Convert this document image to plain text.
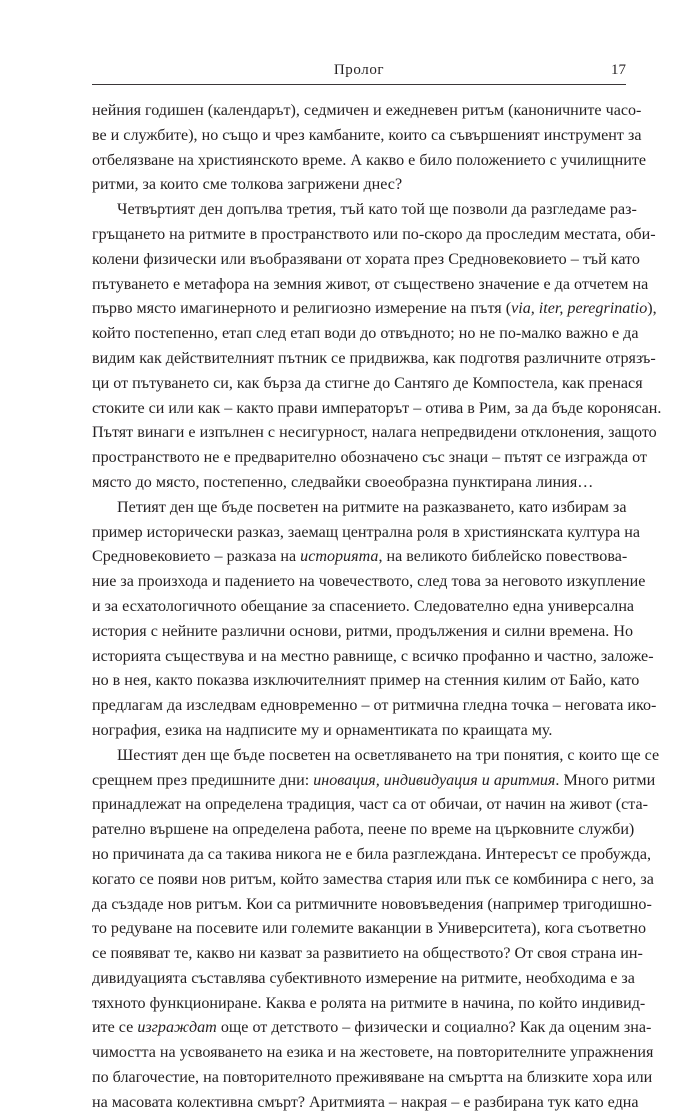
Пролог	17
нейния годишен (календарът), седмичен и ежедневен ритъм (каноничните часо-
ве и службите), но също и чрез камбаните, които са съвършеният инструмент за
отбелязване на християнското време. А какво е било положението с училищните
ритми, за които сме толкова загрижени днес?
Четвъртият ден допълва третия, тъй като той ще позволи да разгледаме раз-
гръщането на ритмите в пространството или по-скоро да проследим местата, оби-
колени физически или въобразявани от хората през Средновековието – тъй като
пътуването е метафора на земния живот, от съществено значение е да отчетем на
първо място имагинерното и религиозно измерение на пътя (via, iter, peregrinatio),
който постепенно, етап след етап води до отвъдното; но не по-малко важно е да
видим как действителният пътник се придвижва, как подготвя различните отрязъ-
ци от пътуването си, как бърза да стигне до Сантяго де Компостела, как пренася
стоките си или как – както прави императорът – отива в Рим, за да бъде коронясан.
Пътят винаги е изпълнен с несигурност, налага непредвидени отклонения, защото
пространството не е предварително обозначено със знаци – пътят се изгражда от
място до място, постепенно, следвайки своеобразна пунктирана линия…
Петият ден ще бъде посветен на ритмите на разказването, като избирам за
пример исторически разказ, заемащ централна роля в християнската култура на
Средновековието – разказа на историята, на великото библейско повествова-
ние за произхода и падението на човечеството, след това за неговото изкупление
и за есхатологичното обещание за спасението. Следователно една универсална
история с нейните различни основи, ритми, продължения и силни времена. Но
историята съществува и на местно равнище, с всичко профанно и частно, заложе-
но в нея, както показва изключителният пример на стенния килим от Байо, като
предлагам да изследвам едновременно – от ритмична гледна точка – неговата ико-
нография, езика на надписите му и орнаментиката по краищата му.
Шестият ден ще бъде посветен на осветляването на три понятия, с които ще се
срещнем през предишните дни: иновация, индивидуация и аритмия. Много ритми
принадлежат на определена традиция, част са от обичаи, от начин на живот (ста-
рателно вършене на определена работа, пеене по време на църковните служби)
но причината да са такива никога не е била разглеждана. Интересът се пробужда,
когато се появи нов ритъм, който замества стария или пък се комбинира с него, за
да създаде нов ритъм. Кои са ритмичните нововъведения (например тригодишно-
то редуване на посевите или големите ваканции в Университета), кога съответно
се появяват те, какво ни казват за развитието на обществото? От своя страна ин-
дивидуацията съставлява субективното измерение на ритмите, необходима е за
тяхното функциониране. Каква е ролята на ритмите в начина, по който индивид-
ите се изграждат още от детството – физически и социално? Как да оценим зна-
чимостта на усвояването на езика и на жестовете, на повторителните упражнения
по благочестие, на повторителното преживяване на смъртта на близките хора или
на масовата колективна смърт? Аритмията – накрая – е разбирана тук като една
